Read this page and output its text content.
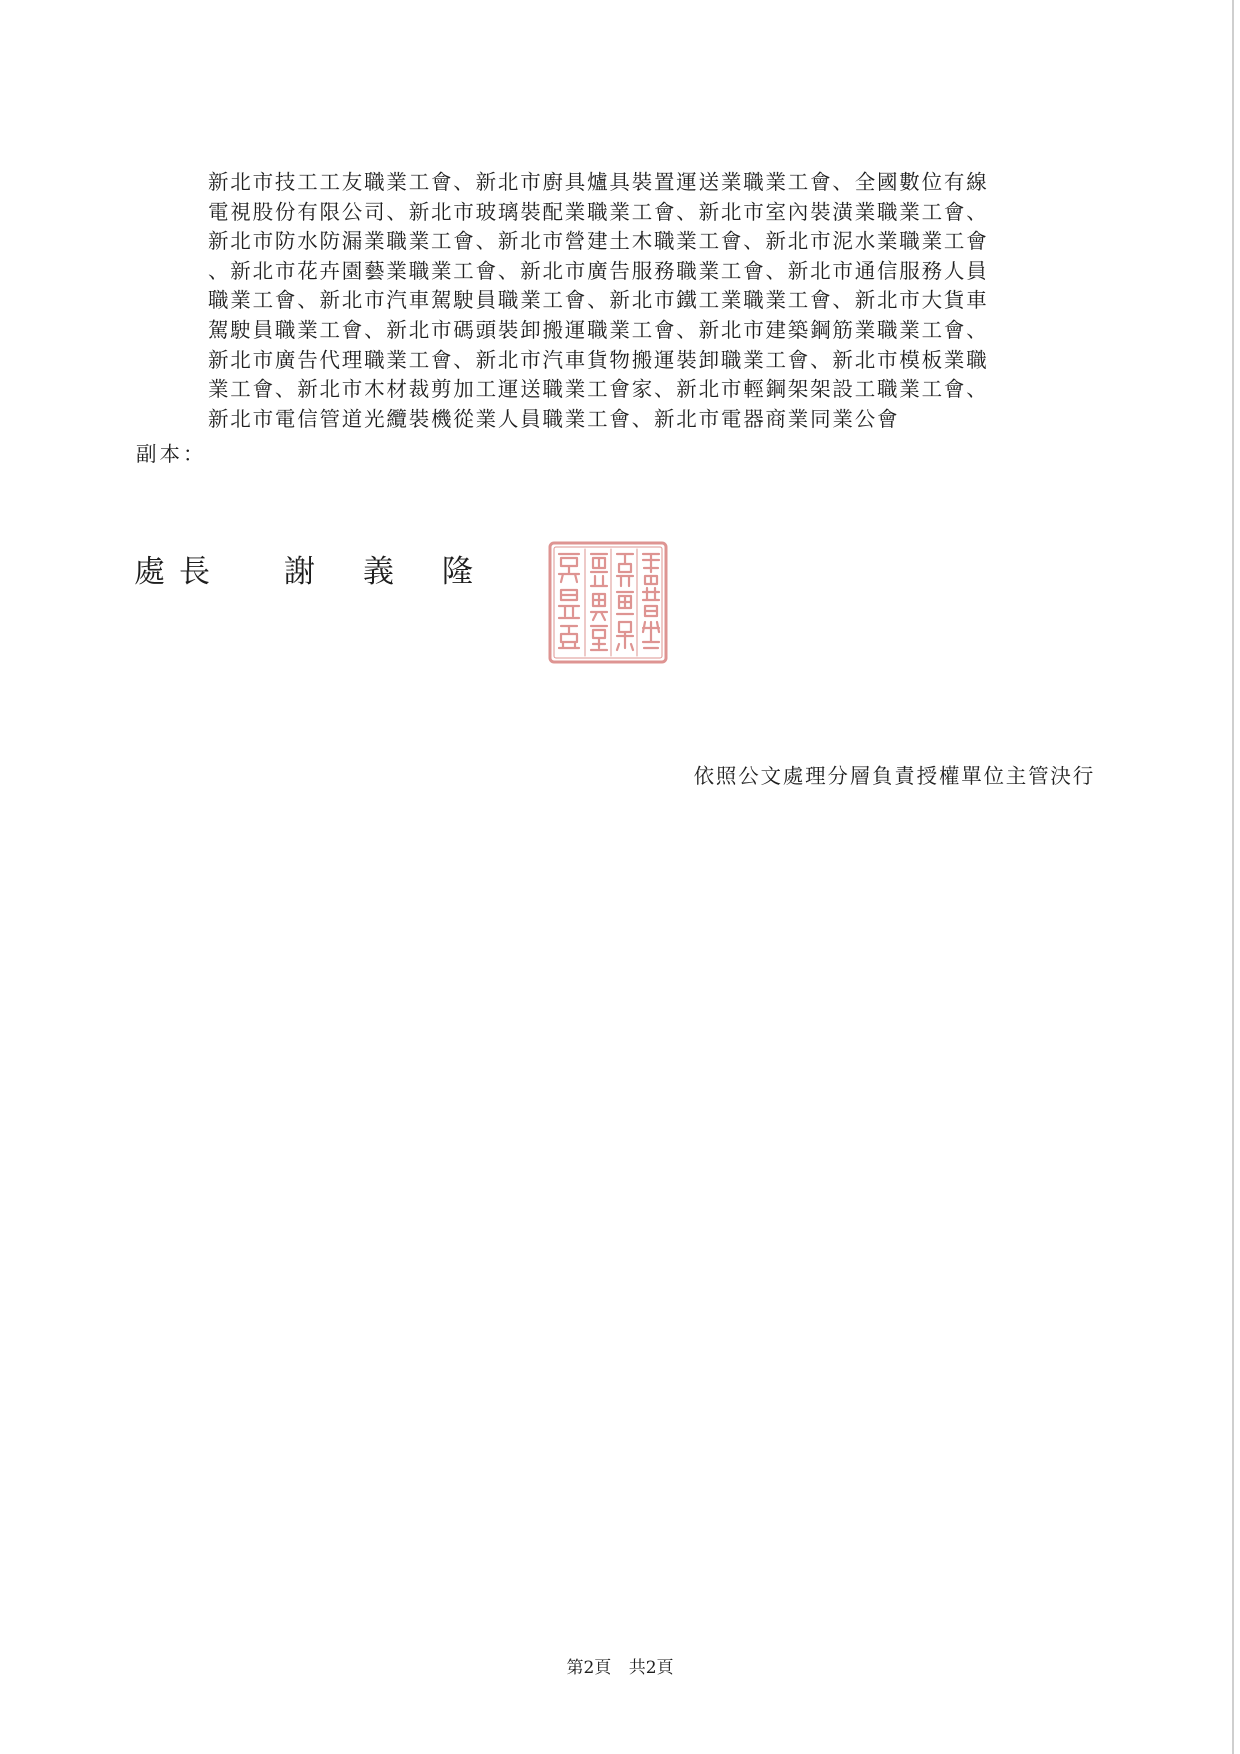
新北市技工工友職業工會、新北市廚具爐具裝置運送業職業工會、全國數位有線
電視股份有限公司、新北市玻璃裝配業職業工會、新北市室內裝潢業職業工會、
新北市防水防漏業職業工會、新北市營建土木職業工會、新北市泥水業職業工會
、新北市花卉園藝業職業工會、新北市廣告服務職業工會、新北市通信服務人員
職業工會、新北市汽車駕駛員職業工會、新北市鐵工業職業工會、新北市大貨車
駕駛員職業工會、新北市碼頭裝卸搬運職業工會、新北市建築鋼筋業職業工會、
新北市廣告代理職業工會、新北市汽車貨物搬運裝卸職業工會、新北市模板業職
業工會、新北市木材裁剪加工運送職業工會家、新北市輕鋼架架設工職業工會、
新北市電信管道光纜裝機從業人員職業工會、新北市電器商業同業公會
副本：
處長 謝義隆
依照公文處理分層負責授權單位主管決行
第2頁 共2頁
